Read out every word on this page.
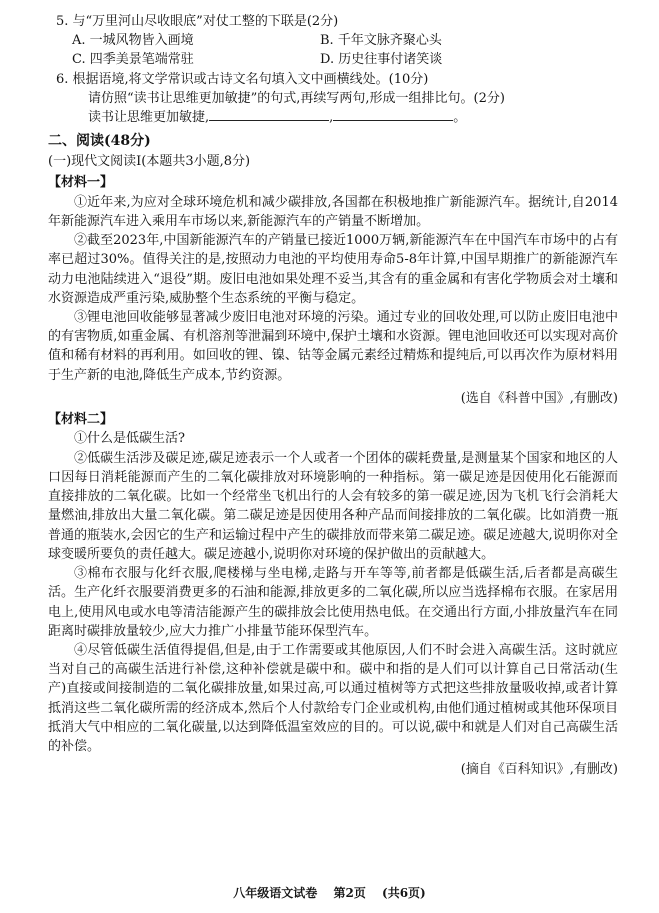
5. 与“万里河山尽收眼底”对仗工整的下联是(2分)
A. 一城风物皆入画境	B. 千年文脉齐聚心头
C. 四季美景笔端常驻	D. 历史往事付诸笑谈
6. 根据语境,将文学常识或古诗文名句填入文中画横线处。(10分)
请仿照“读书让思维更加敏捷”的句式,再续写两句,形成一组排比句。(2分)
读书让思维更加敏捷,	,	。
二、阅读(48分)
(一)现代文阅读Ⅰ(本题共3小题,8分)
【材料一】
①近年来,为应对全球环境危机和减少碳排放,各国都在积极地推广新能源汽车。据统计,自2014年新能源汽车进入乘用车市场以来,新能源汽车的产销量不断增加。
②截至2023年,中国新能源汽车的产销量已接近1000万辆,新能源汽车在中国汽车市场中的占有率已超过30%。值得关注的是,按照动力电池的平均使用寿命5-8年计算,中国早期推广的新能源汽车动力电池陆续进入“退役”期。废旧电池如果处理不妥当,其含有的重金属和有害化学物质会对土壤和水资源造成严重污染,威胁整个生态系统的平衡与稳定。
③锂电池回收能够显著减少废旧电池对环境的污染。通过专业的回收处理,可以防止废旧电池中的有害物质,如重金属、有机溶剂等泄漏到环境中,保护土壤和水资源。锂电池回收还可以实现对高价值和稀有材料的再利用。如回收的锂、镍、钴等金属元素经过精炼和提纯后,可以再次作为原材料用于生产新的电池,降低生产成本,节约资源。
(选自《科普中国》,有删改)
【材料二】
①什么是低碳生活?
②低碳生活涉及碳足迹,碳足迹表示一个人或者一个团体的碳耗费量,是测量某个国家和地区的人口因每日消耗能源而产生的二氧化碳排放对环境影响的一种指标。第一碳足迹是因使用化石能源而直接排放的二氧化碳。比如一个经常坐飞机出行的人会有较多的第一碳足迹,因为飞机飞行会消耗大量燃油,排放出大量二氧化碳。第二碳足迹是因使用各种产品而间接排放的二氧化碳。比如消费一瓶普通的瓶装水,会因它的生产和运输过程中产生的碳排放而带来第二碳足迹。碳足迹越大,说明你对全球变暖所要负的责任越大。碳足迹越小,说明你对环境的保护做出的贡献越大。
③棉布衣服与化纤衣服,爬楼梯与坐电梯,走路与开车等等,前者都是低碳生活,后者都是高碳生活。生产化纤衣服要消费更多的石油和能源,排放更多的二氧化碳,所以应当选择棉布衣服。在家居用电上,使用风电或水电等清洁能源产生的碳排放会比使用热电低。在交通出行方面,小排放量汽车在同距离时碳排放量较少,应大力推广小排量节能环保型汽车。
④尽管低碳生活值得提倡,但是,由于工作需要或其他原因,人们不时会进入高碳生活。这时就应当对自己的高碳生活进行补偿,这种补偿就是碳中和。碳中和指的是人们可以计算自己日常活动(生产)直接或间接制造的二氧化碳排放量,如果过高,可以通过植树等方式把这些排放量吸收掉,或者计算抵消这些二氧化碳所需的经济成本,然后个人付款给专门企业或机构,由他们通过植树或其他环保项目抵消大气中相应的二氧化碳量,以达到降低温室效应的目的。可以说,碳中和就是人们对自己高碳生活的补偿。
(摘自《百科知识》,有删改)
八年级语文试卷 第2页 (共6页)
